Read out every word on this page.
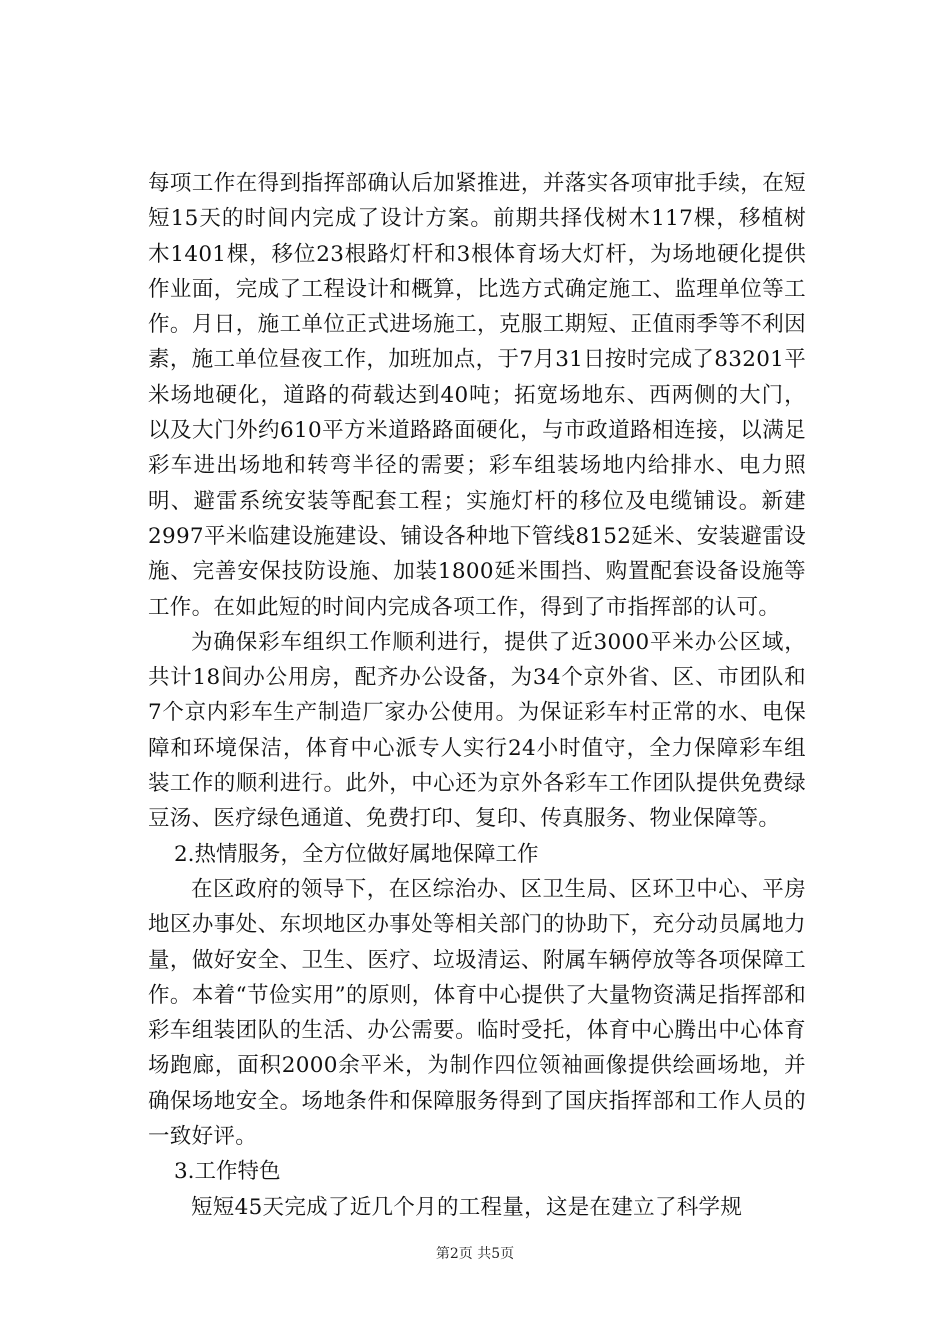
每项工作在得到指挥部确认后加紧推进，并落实各项审批手续，在短短15天的时间内完成了设计方案。前期共择伐树木117棵，移植树木1401棵，移位23根路灯杆和3根体育场大灯杆，为场地硬化提供作业面，完成了工程设计和概算，比选方式确定施工、监理单位等工作。月日，施工单位正式进场施工，克服工期短、正值雨季等不利因素，施工单位昼夜工作，加班加点，于7月31日按时完成了83201平米场地硬化，道路的荷载达到40吨；拓宽场地东、西两侧的大门，以及大门外约610平方米道路路面硬化，与市政道路相连接，以满足彩车进出场地和转弯半径的需要；彩车组装场地内给排水、电力照明、避雷系统安装等配套工程；实施灯杆的移位及电缆铺设。新建2997平米临建设施建设、铺设各种地下管线8152延米、安装避雷设施、完善安保技防设施、加装1800延米围挡、购置配套设备设施等工作。在如此短的时间内完成各项工作，得到了市指挥部的认可。

为确保彩车组织工作顺利进行，提供了近3000平米办公区域，共计18间办公用房，配齐办公设备，为34个京外省、区、市团队和7个京内彩车生产制造厂家办公使用。为保证彩车村正常的水、电保障和环境保洁，体育中心派专人实行24小时值守，全力保障彩车组装工作的顺利进行。此外，中心还为京外各彩车工作团队提供免费绿豆汤、医疗绿色通道、免费打印、复印、传真服务、物业保障等。

2.热情服务，全方位做好属地保障工作

在区政府的领导下，在区综治办、区卫生局、区环卫中心、平房地区办事处、东坝地区办事处等相关部门的协助下，充分动员属地力量，做好安全、卫生、医疗、垃圾清运、附属车辆停放等各项保障工作。本着“节俭实用”的原则，体育中心提供了大量物资满足指挥部和彩车组装团队的生活、办公需要。临时受托，体育中心腾出中心体育场跑廊，面积2000余平米，为制作四位领袖画像提供绘画场地，并确保场地安全。场地条件和保障服务得到了国庆指挥部和工作人员的一致好评。

3.工作特色

短短45天完成了近几个月的工程量，这是在建立了科学规

第2页 共5页
